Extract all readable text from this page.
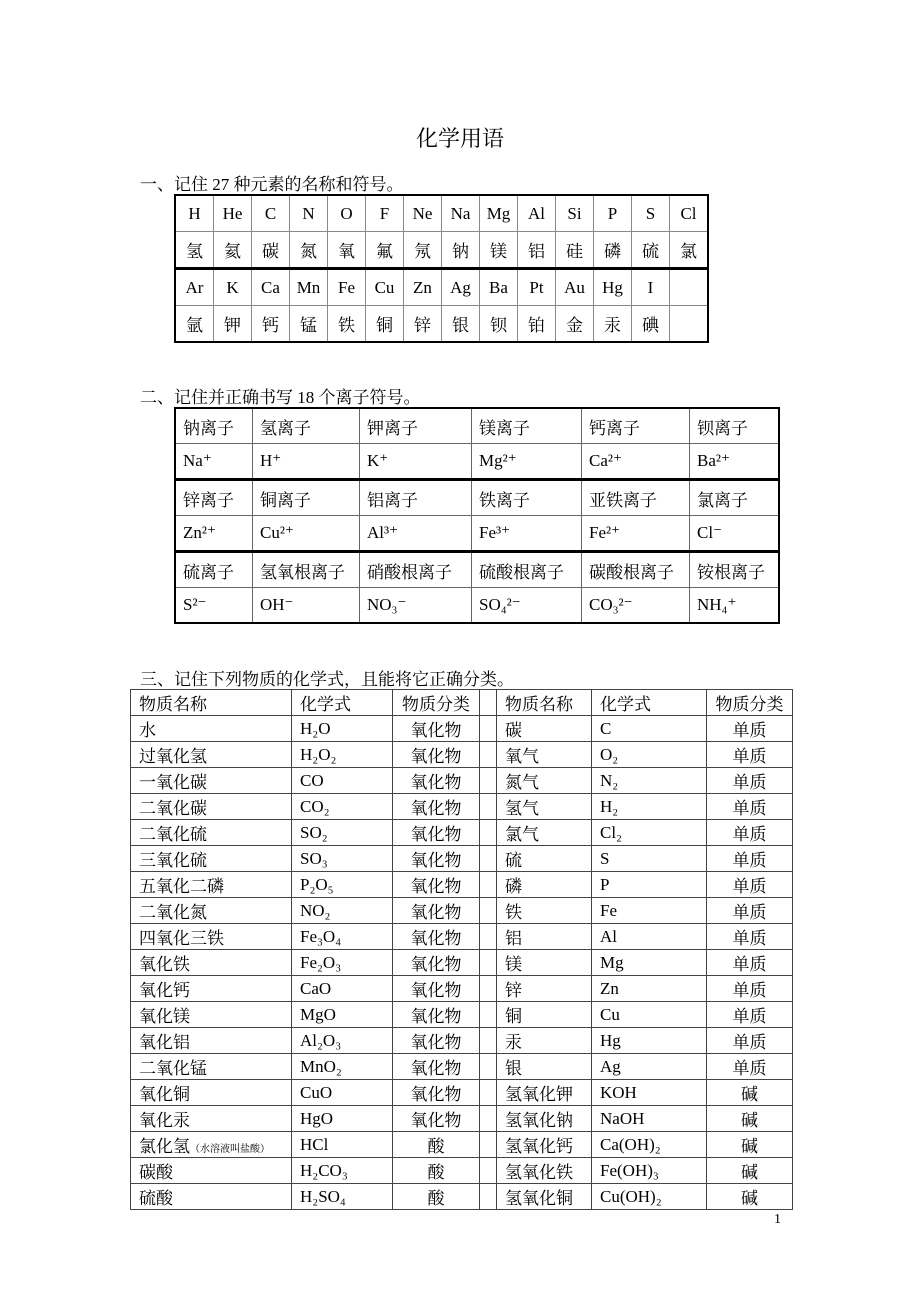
化学用语
一、记住 27 种元素的名称和符号。
H	He	C	N	O	F	Ne	Na	Mg	Al	Si	P	S	Cl
氢	氦	碳	氮	氧	氟	氖	钠	镁	铝	硅	磷	硫	氯
Ar	K	Ca	Mn	Fe	Cu	Zn	Ag	Ba	Pt	Au	Hg	I	
氩	钾	钙	锰	铁	铜	锌	银	钡	铂	金	汞	碘	
二、记住并正确书写 18 个离子符号。
钠离子	氢离子	钾离子	镁离子	钙离子	钡离子
Na⁺	H⁺	K⁺	Mg²⁺	Ca²⁺	Ba²⁺
锌离子	铜离子	铝离子	铁离子	亚铁离子	氯离子
Zn²⁺	Cu²⁺	Al³⁺	Fe³⁺	Fe²⁺	Cl⁻
硫离子	氢氧根离子	硝酸根离子	硫酸根离子	碳酸根离子	铵根离子
S²⁻	OH⁻	NO₃⁻	SO₄²⁻	CO₃²⁻	NH₄⁺
三、记住下列物质的化学式，且能将它正确分类。
物质名称	化学式	物质分类		物质名称	化学式	物质分类
水	H₂O	氧化物		碳	C	单质
过氧化氢	H₂O₂	氧化物		氧气	O₂	单质
一氧化碳	CO	氧化物		氮气	N₂	单质
二氧化碳	CO₂	氧化物		氢气	H₂	单质
二氧化硫	SO₂	氧化物		氯气	Cl₂	单质
三氧化硫	SO₃	氧化物		硫	S	单质
五氧化二磷	P₂O₅	氧化物		磷	P	单质
二氧化氮	NO₂	氧化物		铁	Fe	单质
四氧化三铁	Fe₃O₄	氧化物		铝	Al	单质
氧化铁	Fe₂O₃	氧化物		镁	Mg	单质
氧化钙	CaO	氧化物		锌	Zn	单质
氧化镁	MgO	氧化物		铜	Cu	单质
氧化铝	Al₂O₃	氧化物		汞	Hg	单质
二氧化锰	MnO₂	氧化物		银	Ag	单质
氧化铜	CuO	氧化物		氢氧化钾	KOH	碱
氧化汞	HgO	氧化物		氢氧化钠	NaOH	碱
氯化氢（水溶液叫盐酸）	HCl	酸		氢氧化钙	Ca(OH)₂	碱
碳酸	H₂CO₃	酸		氢氧化铁	Fe(OH)₃	碱
硫酸	H₂SO₄	酸		氢氧化铜	Cu(OH)₂	碱
1
